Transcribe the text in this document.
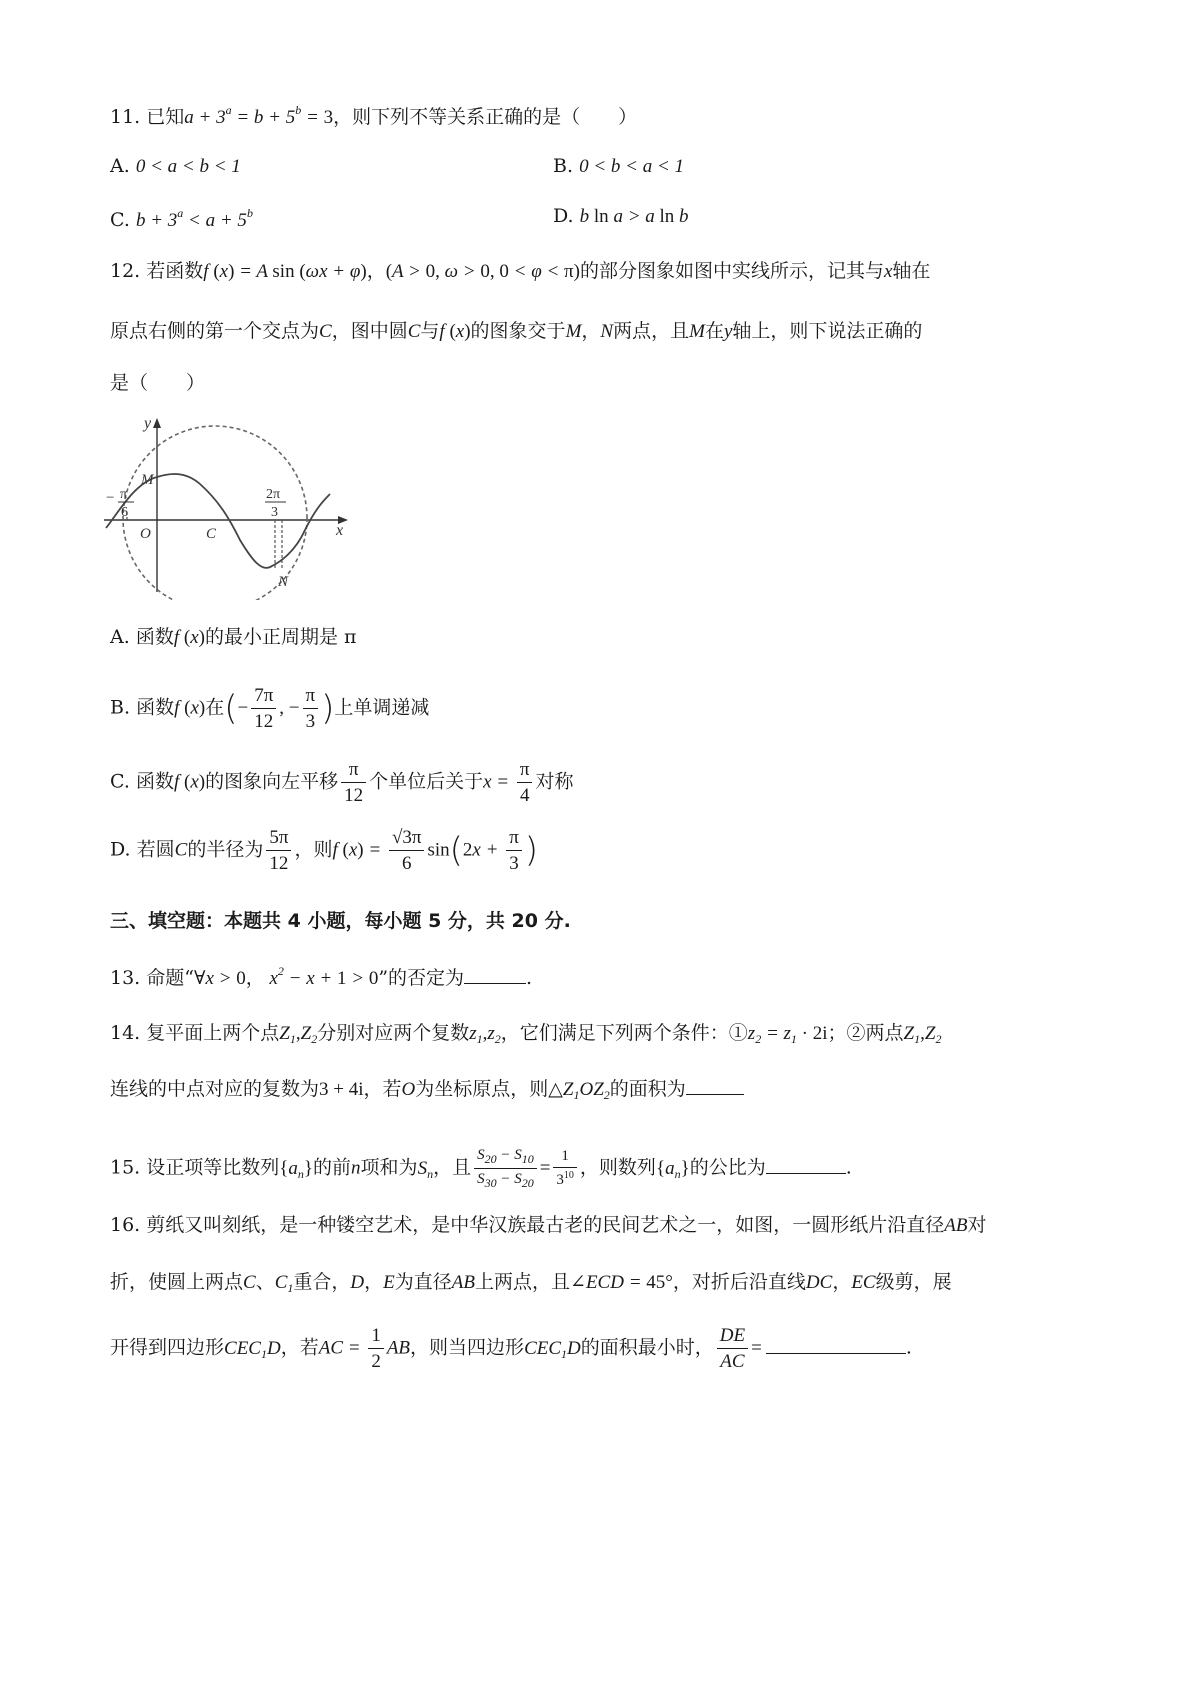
11. 已知$a + 3^a = b + 5^b = 3$，则下列不等关系正确的是（　　）
A. 0 < a < b < 1	B. 0 < b < a < 1
C. $b + 3^a < a + 5^b$	D. b ln a > a ln b
12. 若函数f (x) = A sin (ωx + φ)，(A > 0, ω > 0, 0 < φ < π)的部分图象如图中实线所示，记其与x轴在
原点右侧的第一个交点为C，图中圆C与f (x)的图象交于M，N两点，且M在y轴上，则下说法正确的
是（　　）
y
x
M
O	C
N
− π
6
2π
3
A. 函数f (x)的最小正周期是 π
B. 函数f (x)在(− $\frac{7\pi}{12}$ , − $\frac{\pi}{3}$ )上单调递减
C. 函数f (x)的图象向左平移 $\frac{\pi}{12}$ 个单位后关于$x = \frac{\pi}{4}$ 对称
D. 若圆C的半径为 $\frac{5\pi}{12}$ ，则f $(x) = \frac{√3\pi}{6} \sin(2x + \frac{\pi}{3}$ )
三、填空题：本题共 4 小题，每小题 5 分，共 20 分.
13. 命题“∀x > 0， $x^2 - x + 1 > 0$”的否定为	.
14. 复平面上两个点$Z_1,Z_2$分别对应两个复数$z_1,z_2$，它们满足下列两个条件：$①z_2 = z_1 \cdot 2i$；②两点$Z_1,Z_2$
连线的中点对应的复数为3 + 4i，若O为坐标原点，则$\triangle Z_1OZ_2$的面积为
15. 设正项等比数列$\{a_n\}$的前n项和为$S_n$，且 $\frac{S_{20} - S_{10}}{S_{30} - S_{20}} = \frac{1}{3^{10}}$ ，则数列$\{a_n\}$的公比为	.
16. 剪纸又叫刻纸，是一种镂空艺术，是中华汉族最古老的民间艺术之一，如图，一圆形纸片沿直径AB对
折，使圆上两点C、$C_1$重合，D，E为直径AB上两点，且∠ECD = 45°，对折后沿直线DC，EC级剪，展
开得到四边形$CEC_1D$，若AC = $\frac{1}{2}$ AB，则当四边形$CEC_1D$的面积最小时， $\frac{DE}{AC}$ =	.
